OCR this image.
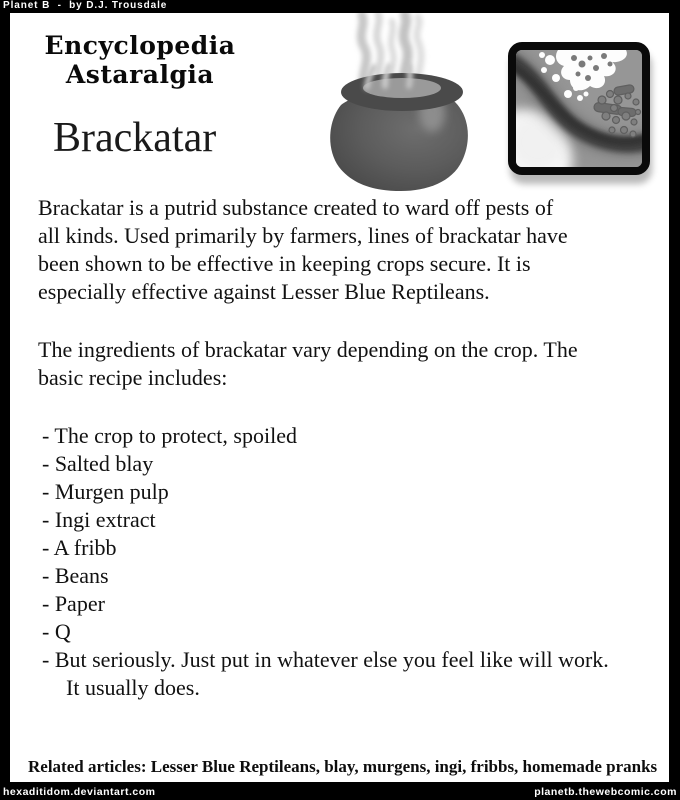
Planet B  -  by D.J. Trousdale
Encyclopedia
Astaralgia
Brackatar
Brackatar is a putrid substance created to ward off pests of
all kinds. Used primarily by farmers, lines of brackatar have
been shown to be effective in keeping crops secure. It is
especially effective against Lesser Blue Reptileans.
The ingredients of brackatar vary depending on the crop. The
basic recipe includes:
- The crop to protect, spoiled
- Salted blay
- Murgen pulp
- Ingi extract
- A fribb
- Beans
- Paper
- Q
- But seriously. Just put in whatever else you feel like will work.
It usually does.
Related articles: Lesser Blue Reptileans, blay, murgens, ingi, fribbs, homemade pranks
hexaditidom.deviantart.com	planetb.thewebcomic.com
